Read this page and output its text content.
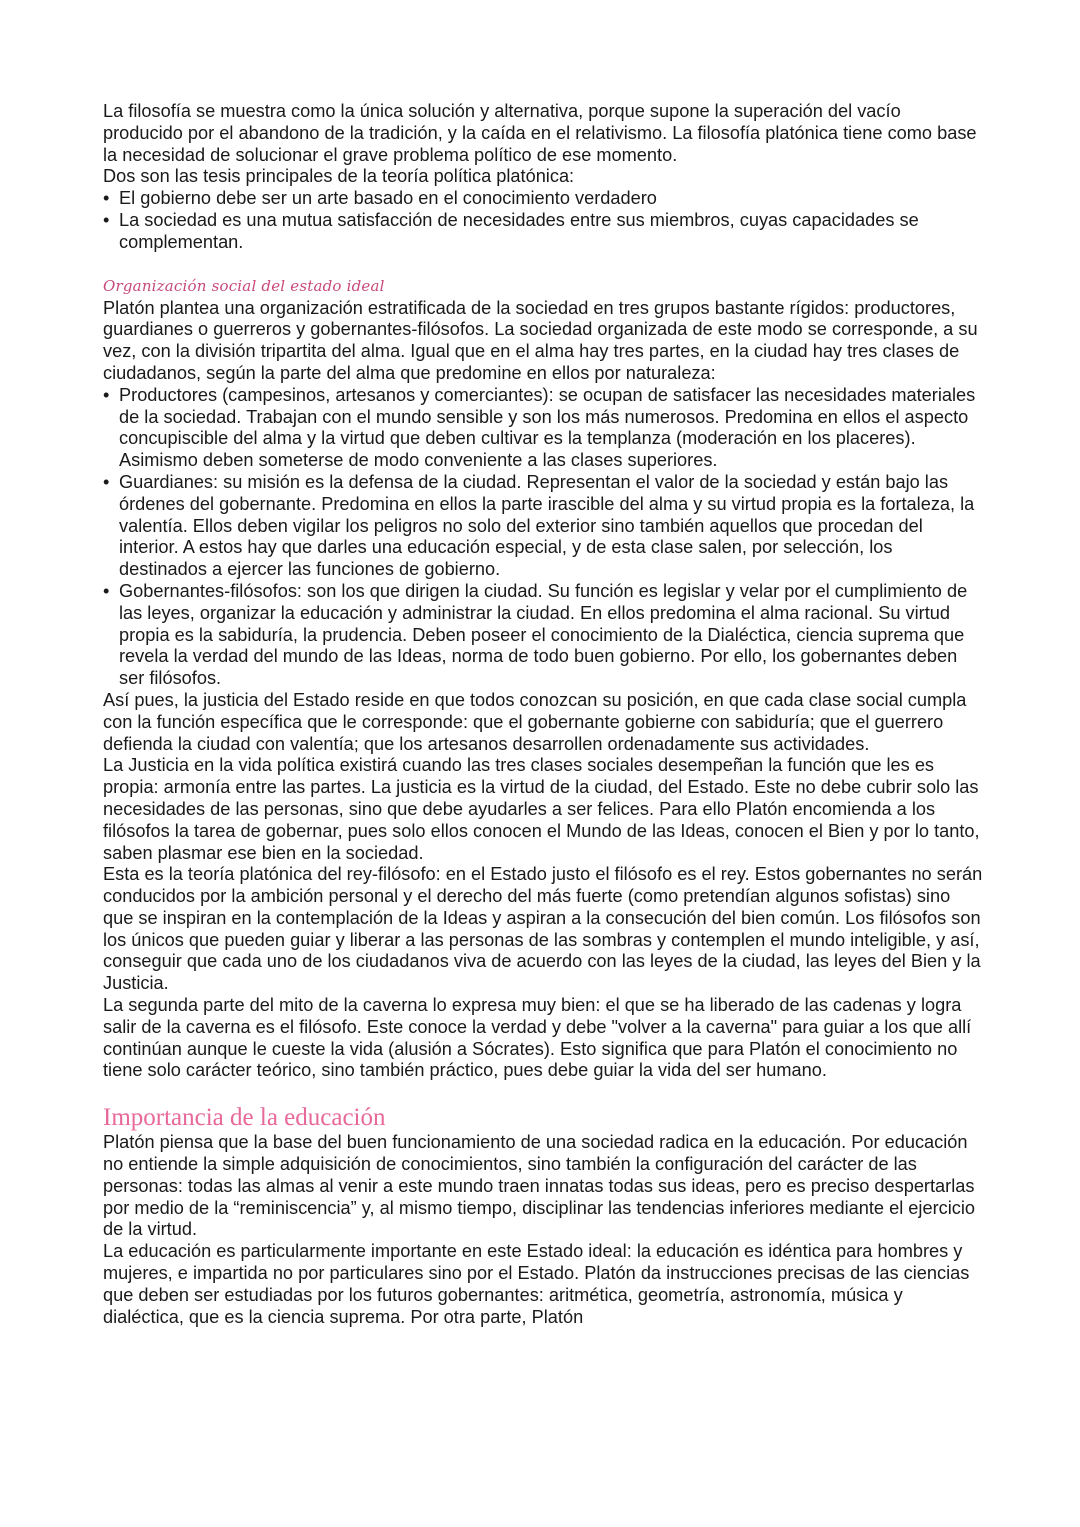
La filosofía se muestra como la única solución y alternativa, porque supone la superación del vacío producido por el abandono de la tradición, y la caída en el relativismo. La filosofía platónica tiene como base la necesidad de solucionar el grave problema político de ese momento.

Dos son las tesis principales de la teoría política platónica:

• El gobierno debe ser un arte basado en el conocimiento verdadero
• La sociedad es una mutua satisfacción de necesidades entre sus miembros, cuyas capacidades se complementan.
Organización social del estado ideal

Platón plantea una organización estratificada de la sociedad en tres grupos bastante rígidos: productores, guardianes o guerreros y gobernantes-filósofos. La sociedad organizada de este modo se corresponde, a su vez, con la división tripartita del alma. Igual que en el alma hay tres partes, en la ciudad hay tres clases de ciudadanos, según la parte del alma que predomine en ellos por naturaleza:

• Productores (campesinos, artesanos y comerciantes): se ocupan de satisfacer las necesidades materiales de la sociedad. Trabajan con el mundo sensible y son los más numerosos. Predomina en ellos el aspecto concupiscible del alma y la virtud que deben cultivar es la templanza (moderación en los placeres). Asimismo deben someterse de modo conveniente a las clases superiores.
• Guardianes: su misión es la defensa de la ciudad. Representan el valor de la sociedad y están bajo las órdenes del gobernante. Predomina en ellos la parte irascible del alma y su virtud propia es la fortaleza, la valentía. Ellos deben vigilar los peligros no solo del exterior sino también aquellos que procedan del interior. A estos hay que darles una educación especial, y de esta clase salen, por selección, los destinados a ejercer las funciones de gobierno.
• Gobernantes-filósofos: son los que dirigen la ciudad. Su función es legislar y velar por el cumplimiento de las leyes, organizar la educación y administrar la ciudad. En ellos predomina el alma racional. Su virtud propia es la sabiduría, la prudencia. Deben poseer el conocimiento de la Dialéctica, ciencia suprema que revela la verdad del mundo de las Ideas, norma de todo buen gobierno. Por ello, los gobernantes deben ser filósofos.

Así pues, la justicia del Estado reside en que todos conozcan su posición, en que cada clase social cumpla con la función específica que le corresponde: que el gobernante gobierne con sabiduría; que el guerrero defienda la ciudad con valentía; que los artesanos desarrollen ordenadamente sus actividades.

La Justicia en la vida política existirá cuando las tres clases sociales desempeñan la función que les es propia: armonía entre las partes. La justicia es la virtud de la ciudad, del Estado. Este no debe cubrir solo las necesidades de las personas, sino que debe ayudarles a ser felices. Para ello Platón encomienda a los filósofos la tarea de gobernar, pues solo ellos conocen el Mundo de las Ideas, conocen el Bien y por lo tanto, saben plasmar ese bien en la sociedad.

Esta es la teoría platónica del rey-filósofo: en el Estado justo el filósofo es el rey. Estos gobernantes no serán conducidos por la ambición personal y el derecho del más fuerte (como pretendían algunos sofistas) sino que se inspiran en la contemplación de la Ideas y aspiran a la consecución del bien común. Los filósofos son los únicos que pueden guiar y liberar a las personas de las sombras y contemplen el mundo inteligible, y así, conseguir que cada uno de los ciudadanos viva de acuerdo con las leyes de la ciudad, las leyes del Bien y la Justicia.

La segunda parte del mito de la caverna lo expresa muy bien: el que se ha liberado de las cadenas y logra salir de la caverna es el filósofo. Este conoce la verdad y debe "volver a la caverna" para guiar a los que allí continúan aunque le cueste la vida (alusión a Sócrates). Esto significa que para Platón el conocimiento no tiene solo carácter teórico, sino también práctico, pues debe guiar la vida del ser humano.

Importancia de la educación

Platón piensa que la base del buen funcionamiento de una sociedad radica en la educación. Por educación no entiende la simple adquisición de conocimientos, sino también la configuración del carácter de las personas: todas las almas al venir a este mundo traen innatas todas sus ideas, pero es preciso despertarlas por medio de la “reminiscencia” y, al mismo tiempo, disciplinar las tendencias inferiores mediante el ejercicio de la virtud.

La educación es particularmente importante en este Estado ideal: la educación es idéntica para hombres y mujeres, e impartida no por particulares sino por el Estado. Platón da instrucciones precisas de las ciencias que deben ser estudiadas por los futuros gobernantes: aritmética, geometría, astronomía, música y dialéctica, que es la ciencia suprema. Por otra parte, Platón
